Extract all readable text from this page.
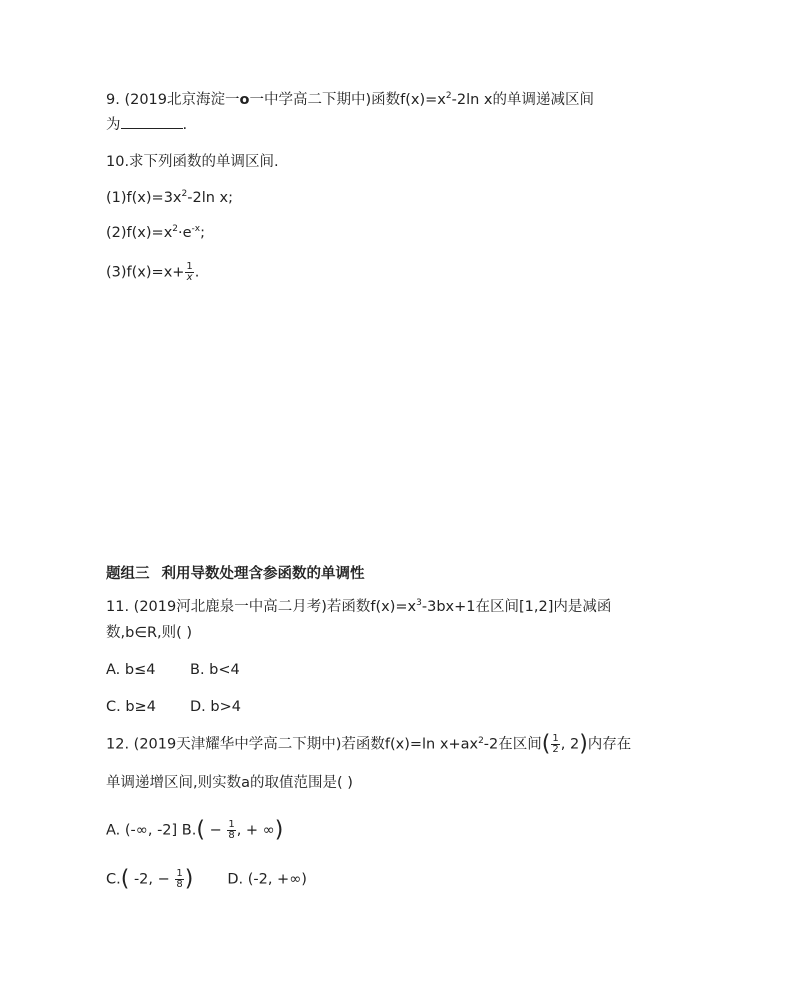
9. (2019北京海淀一o一中学高二下期中)函数$f(x)=x^2-2\ln$ x的单调递减区间
为	.
10.求下列函数的单调区间.
$(1)f(x)=3x^2-2\ln$ x;
$(2)f(x)=x^2\cdot e^{-x}$;
$(3)f(x)=x+ \frac{1}{x}$ .
题组三 利用导数处理含参函数的单调性
11. (2019河北鹿泉一中高二月考)若函数$f(x)=x^3-3bx+1$在区间[1,2]内是减函
数,b∈R,则( )
A. b≤4 B. b<4
C. b≥4 D. b>4
12. (2019天津耀华中学高二下期中)若函数f(x)=ln $x+ax^2-2$在区间( $\frac{1}{2}$ , 2)内存在
单调递增区间,则实数a的取值范围是( )
A. (-∞, -2] $B.( - \frac{1}{8}$ , + ∞)
C.( -2, − $\frac{1}{8}$ ) D. (-2, +∞)
